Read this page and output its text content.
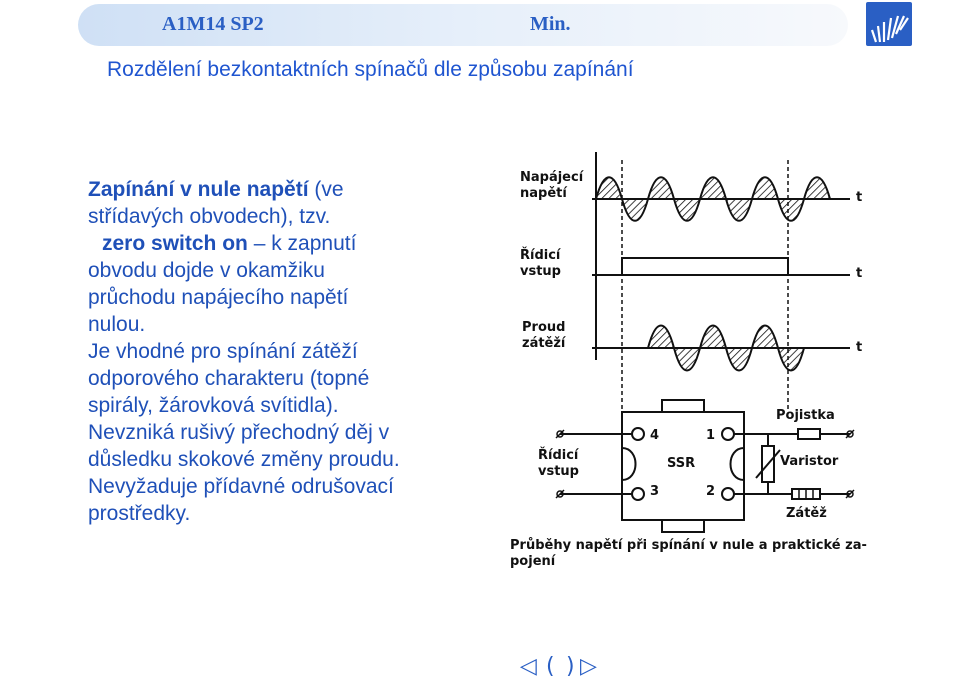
A1M14 SP2	Min.
Rozdělení bezkontaktních spínačů dle způsobu zapínání
Zapínání v nule napětí (ve
střídavých obvodech), tzv.
zero switch on – k zapnutí
obvodu dojde v okamžiku
průchodu napájecího napětí
nulou.
Je vhodné pro spínání zátěží
odporového charakteru (topné
spirály, žárovková svítidla).
Nevzniká rušivý přechodný děj v
důsledku skokové změny proudu.
Nevyžaduje přídavné odrušovací
prostředky.
Napájecí
napětí
Řídicí
vstup
Proud
zátěží
t
t
t
Řídicí
vstup
Pojistka
Varistor
Zátěž
SSR
4
3
1
2
Průběhy napětí při spínání v nule a praktické za-
pojení
◁ ( ) ▷
